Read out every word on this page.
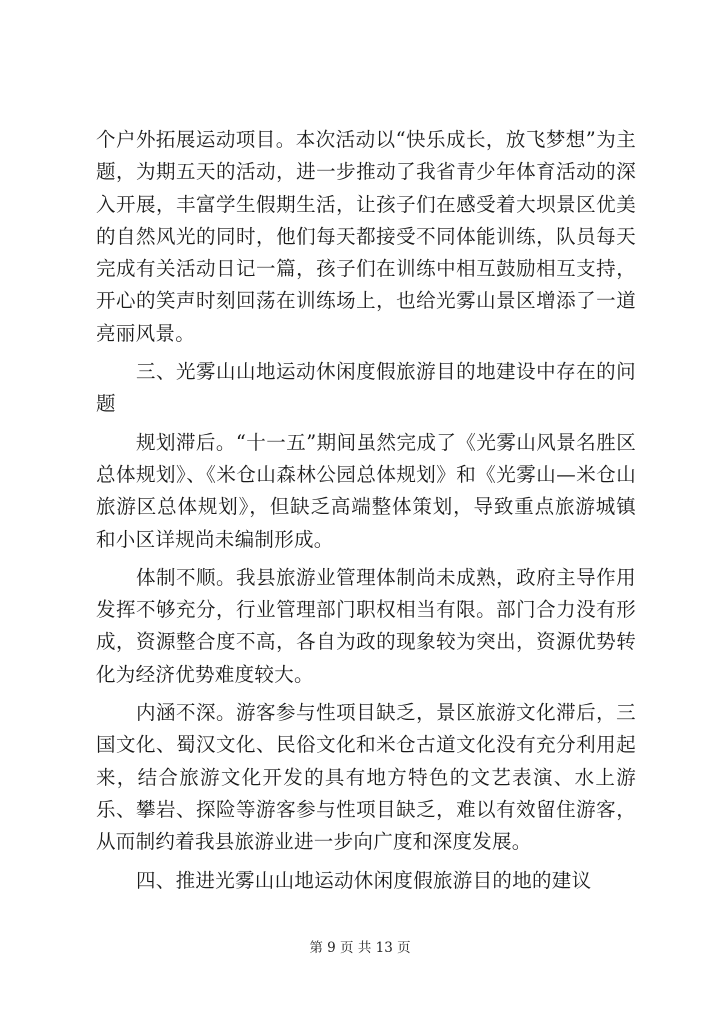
个户外拓展运动项目。本次活动以“快乐成长，放飞梦想”为主题，为期五天的活动，进一步推动了我省青少年体育活动的深入开展，丰富学生假期生活，让孩子们在感受着大坝景区优美的自然风光的同时，他们每天都接受不同体能训练，队员每天完成有关活动日记一篇，孩子们在训练中相互鼓励相互支持，开心的笑声时刻回荡在训练场上，也给光雾山景区增添了一道亮丽风景。

三、光雾山山地运动休闲度假旅游目的地建设中存在的问题

规划滞后。“十一五”期间虽然完成了《光雾山风景名胜区总体规划》、《米仓山森林公园总体规划》和《光雾山—米仓山旅游区总体规划》，但缺乏高端整体策划，导致重点旅游城镇和小区详规尚未编制形成。

体制不顺。我县旅游业管理体制尚未成熟，政府主导作用发挥不够充分，行业管理部门职权相当有限。部门合力没有形成，资源整合度不高，各自为政的现象较为突出，资源优势转化为经济优势难度较大。

内涵不深。游客参与性项目缺乏，景区旅游文化滞后，三国文化、蜀汉文化、民俗文化和米仓古道文化没有充分利用起来，结合旅游文化开发的具有地方特色的文艺表演、水上游乐、攀岩、探险等游客参与性项目缺乏，难以有效留住游客，从而制约着我县旅游业进一步向广度和深度发展。

四、推进光雾山山地运动休闲度假旅游目的地的建议

第 9 页 共 13 页
